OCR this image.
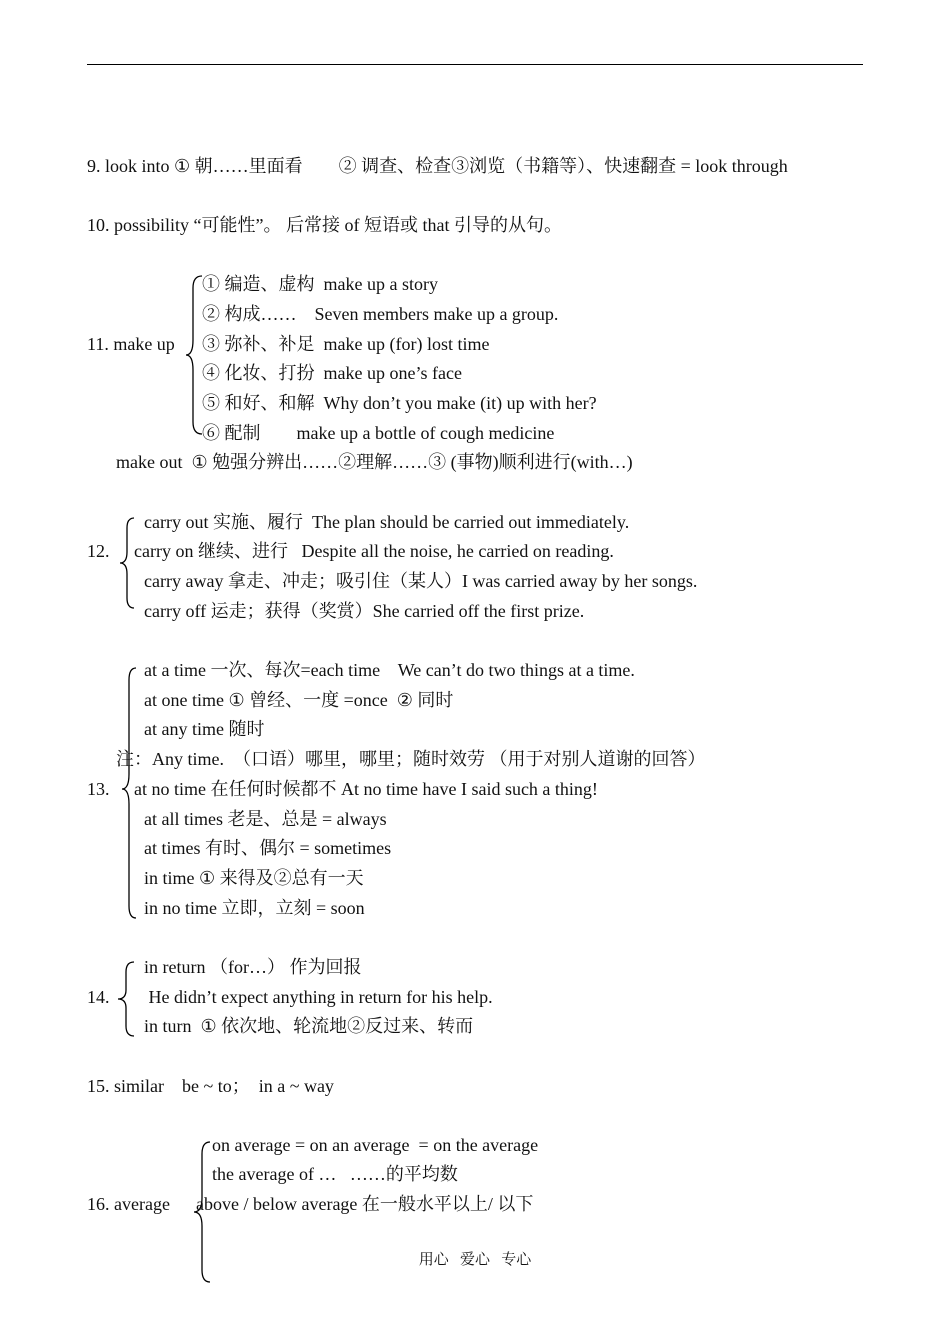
9. look into ① 朝……里面看        ② 调查、检查③浏览（书籍等）、快速翻查 = look through
10. possibility “可能性”。 后常接 of 短语或 that 引导的从句。
11. make up
① 编造、虚构  make up a story
② 构成……    Seven members make up a group.
③ 弥补、补足  make up (for) lost time
④ 化妆、打扮  make up one’s face
⑤ 和好、和解  Why don’t you make (it) up with her?
⑥ 配制        make up a bottle of cough medicine
make out  ① 勉强分辨出……②理解……③ (事物)顺利进行(with…)
12.
carry out 实施、履行  The plan should be carried out immediately.
carry on 继续、进行   Despite all the noise, he carried on reading.
carry away 拿走、冲走；吸引住（某人）I was carried away by her songs.
carry off 运走；获得（奖赏）She carried off the first prize.
13.
at a time 一次、每次=each time    We can’t do two things at a time.
at one time ① 曾经、一度 =once  ② 同时
at any time 随时
注：Any time.  （口语）哪里，哪里；随时效劳 （用于对别人道谢的回答）
at no time 在任何时候都不 At no time have I said such a thing!
at all times 老是、总是 = always
at times 有时、偶尔 = sometimes
in time ① 来得及②总有一天
in no time 立即，立刻 = soon
14.
in return （for…） 作为回报
He didn’t expect anything in return for his help.
in turn  ① 依次地、轮流地②反过来、转而
15. similar    be ~ to；  in a ~ way
16. average
on average = on an average  = on the average
the average of …   ……的平均数
above / below average 在一般水平以上/ 以下
用心   爱心   专心
